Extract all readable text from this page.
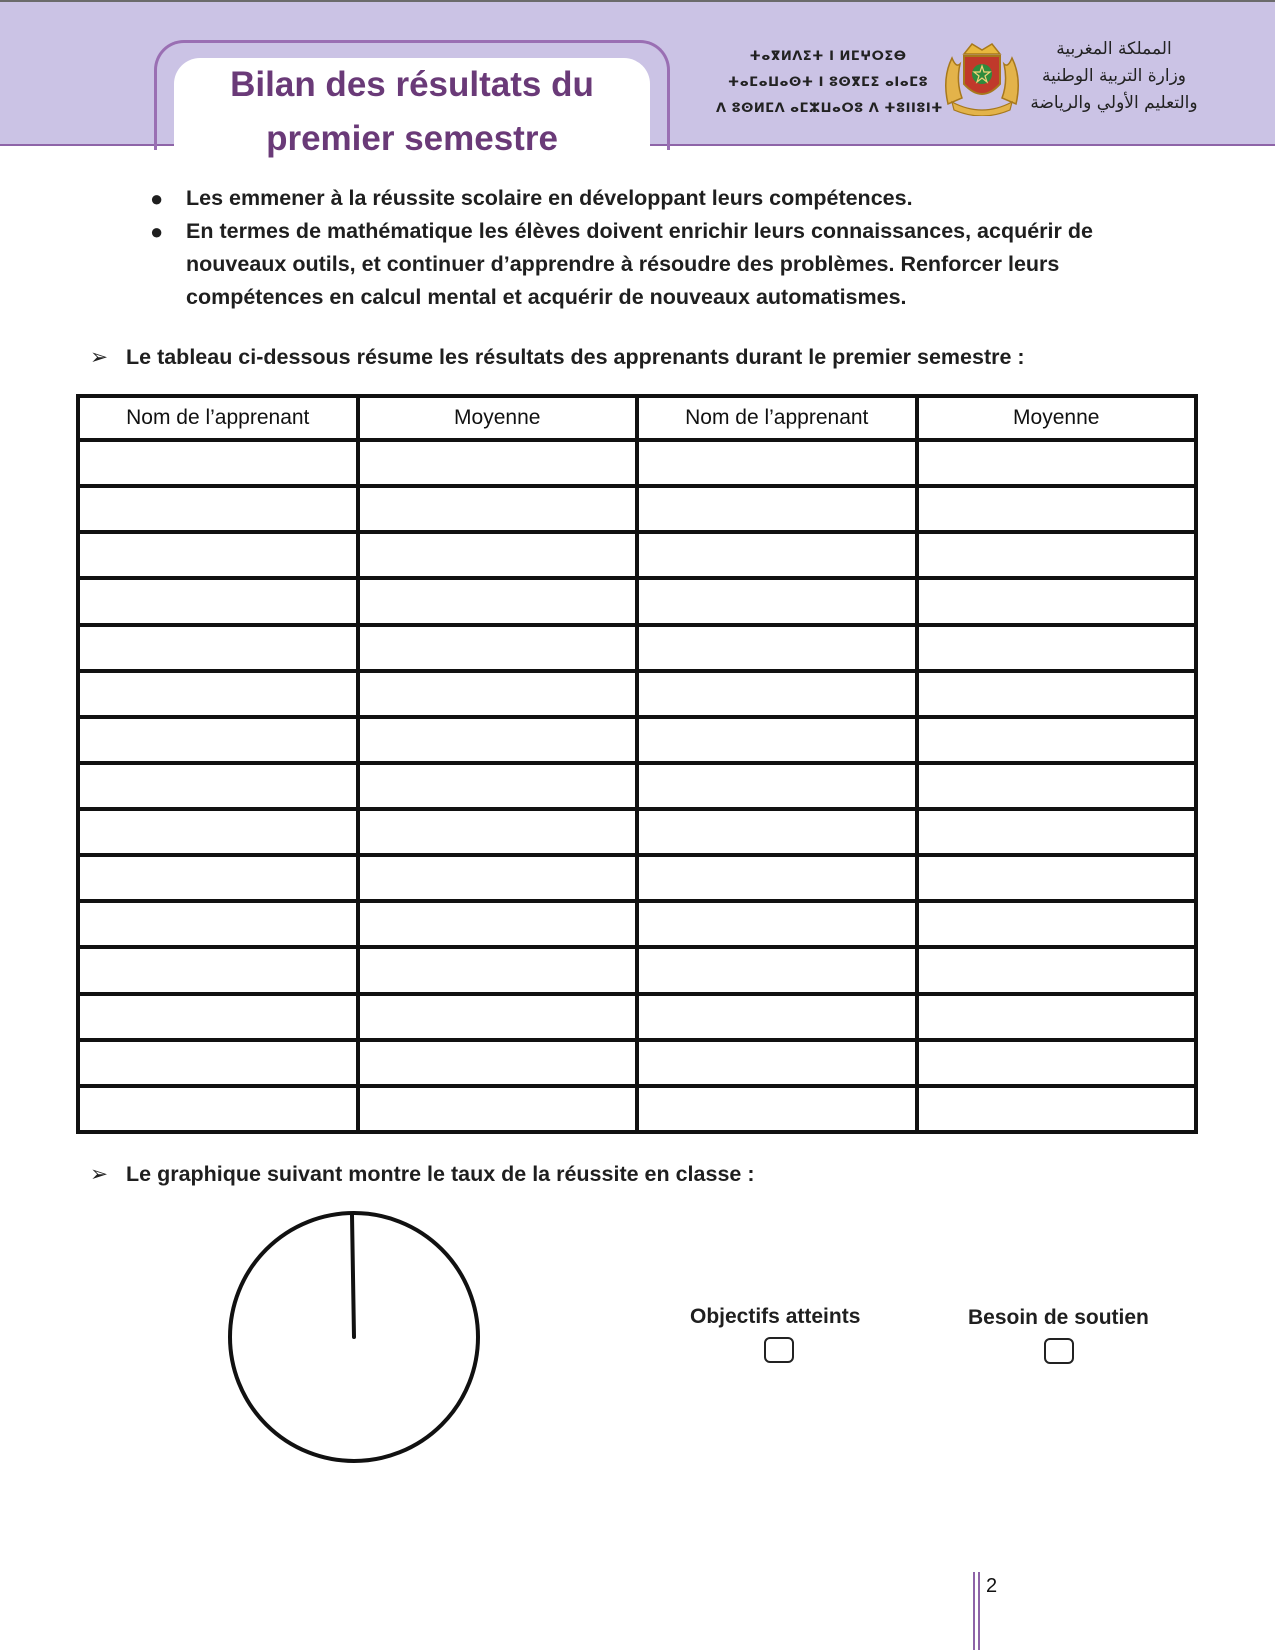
Bilan des résultats du
premier semestre
ⵜⴰⴳⵍⴷⵉⵜ ⵏ ⵍⵎⵖⵔⵉⴱ
ⵜⴰⵎⴰⵡⴰⵙⵜ ⵏ ⵓⵙⴳⵎⵉ ⴰⵏⴰⵎⵓ
ⴷ ⵓⵙⵍⵎⴷ ⴰⵎⵣⵡⴰⵔⵓ ⴷ ⵜⵓⵏⵏⵓⵏⵜ
المملكة المغربية
وزارة التربية الوطنية
والتعليم الأولي والرياضة
● Les emmener à la réussite scolaire en développant leurs compétences.
● En termes de mathématique les élèves doivent enrichir leurs connaissances, acquérir de nouveaux outils, et continuer d’apprendre à résoudre des problèmes. Renforcer leurs compétences en calcul mental et acquérir de nouveaux automatismes.
➢ Le tableau ci-dessous résume les résultats des apprenants durant le premier semestre :
Nom de l’apprenant	Moyenne	Nom de l’apprenant	Moyenne

➢ Le graphique suivant montre le taux de la réussite en classe :
Objectifs atteints	Besoin de soutien
2
